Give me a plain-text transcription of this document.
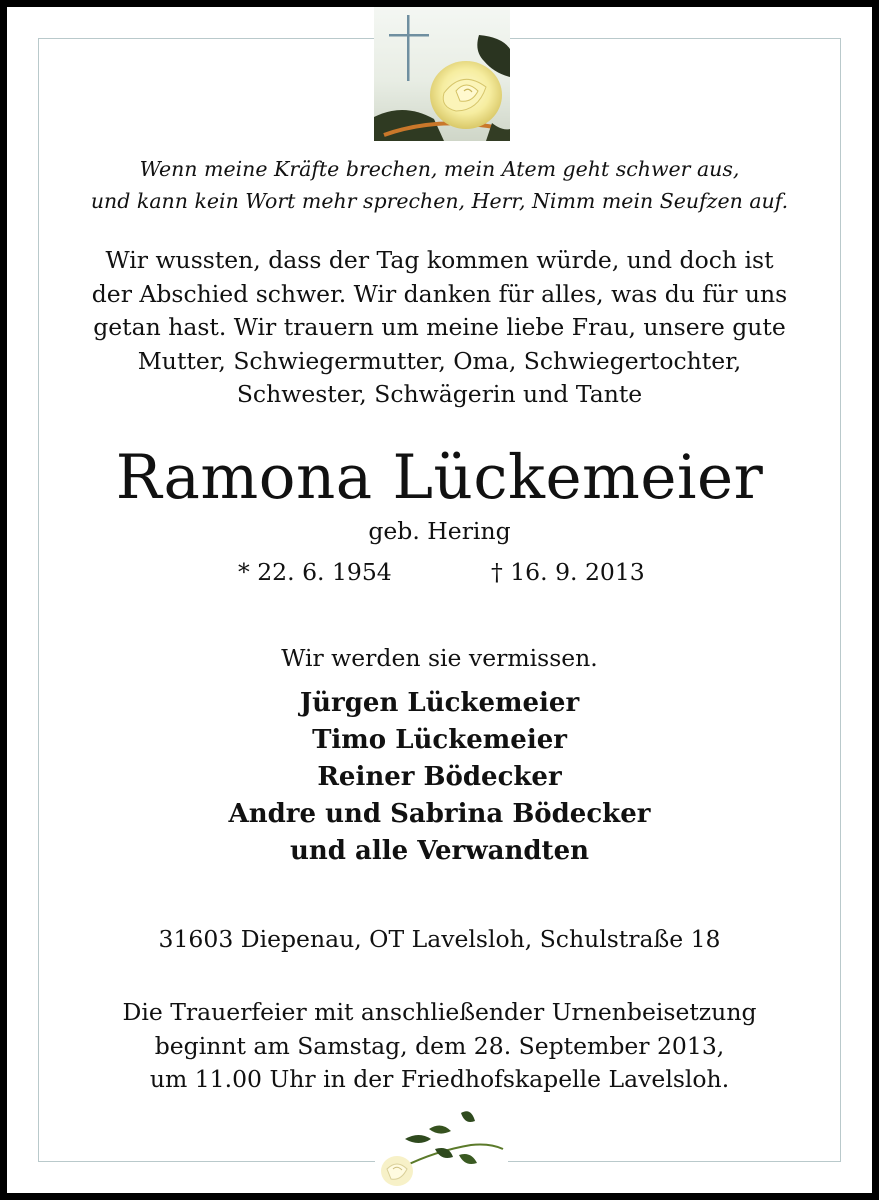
Wenn meine Kräfte brechen, mein Atem geht schwer aus,
und kann kein Wort mehr sprechen, Herr, Nimm mein Seufzen auf.
Wir wussten, dass der Tag kommen würde, und doch ist
der Abschied schwer. Wir danken für alles, was du für uns
getan hast. Wir trauern um meine liebe Frau, unsere gute
Mutter, Schwiegermutter, Oma, Schwiegertochter,
Schwester, Schwägerin und Tante
Ramona Lückemeier
geb. Hering
* 22. 6. 1954	† 16. 9. 2013
Wir werden sie vermissen.
Jürgen Lückemeier
Timo Lückemeier
Reiner Bödecker
Andre und Sabrina Bödecker
und alle Verwandten
31603 Diepenau, OT Lavelsloh, Schulstraße 18
Die Trauerfeier mit anschließender Urnenbeisetzung
beginnt am Samstag, dem 28. September 2013,
um 11.00 Uhr in der Friedhofskapelle Lavelsloh.
